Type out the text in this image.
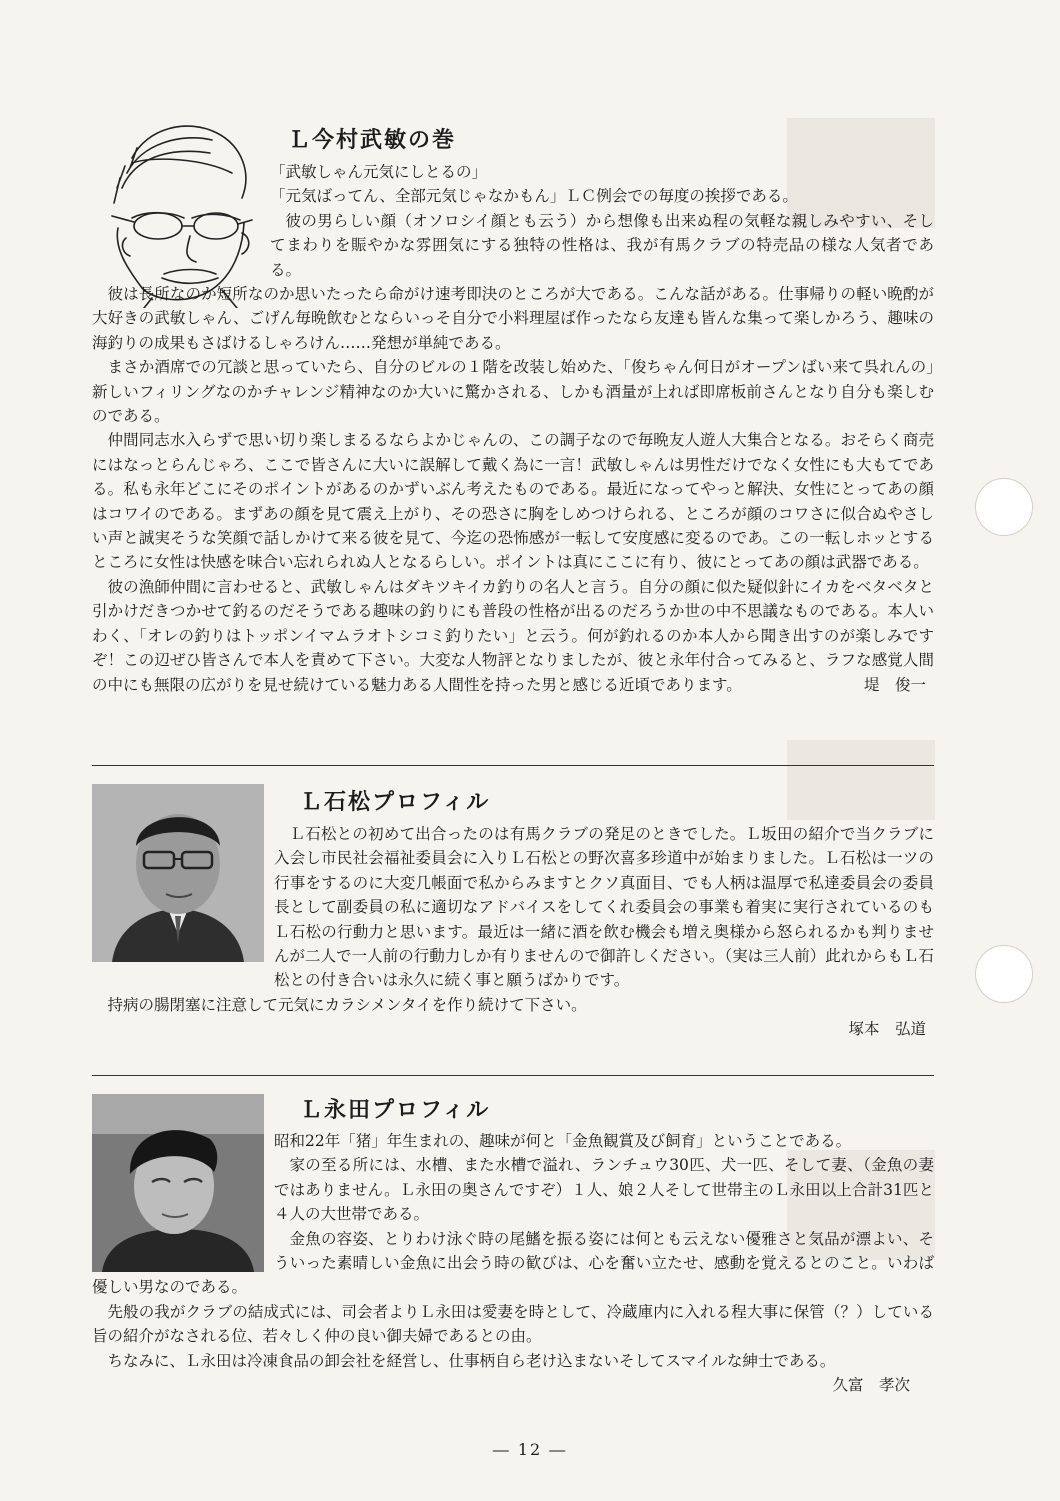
Ｌ今村武敏の巻

「武敏しゃん元気にしとるの」

「元気ばってん、全部元気じゃなかもん」ＬＣ例会での毎度の挨拶である。

彼の男らしい顔（オソロシイ顔とも云う）から想像も出来ぬ程の気軽な親しみやすい、そしてまわりを賑やかな雰囲気にする独特の性格は、我が有馬クラブの特売品の様な人気者である。

彼は長所なのか短所なのか思いたったら命がけ速考即決のところが大である。こんな話がある。仕事帰りの軽い晩酌が大好きの武敏しゃん、ごげん毎晩飲むとならいっそ自分で小料理屋ば作ったなら友達も皆んな集って楽しかろう、趣味の海釣りの成果もさばけるしゃろけん……発想が単純である。

まさか酒席での冗談と思っていたら、自分のビルの１階を改装し始めた、「俊ちゃん何日がオープンばい来て呉れんの」新しいフィリングなのかチャレンジ精神なのか大いに驚かされる、しかも酒量が上れば即席板前さんとなり自分も楽しむのである。

仲間同志水入らずで思い切り楽しまるるならよかじゃんの、この調子なので毎晩友人遊人大集合となる。おそらく商売にはなっとらんじゃろ、ここで皆さんに大いに誤解して戴く為に一言！武敏しゃんは男性だけでなく女性にも大もてである。私も永年どこにそのポイントがあるのかずいぶん考えたものである。最近になってやっと解決、女性にとってあの顔はコワイのである。まずあの顔を見て震え上がり、その恐さに胸をしめつけられる、ところが顔のコワさに似合ぬやさしい声と誠実そうな笑顔で話しかけて来る彼を見て、今迄の恐怖感が一転して安度感に変るのであ。この一転しホッとするところに女性は快感を味合い忘れられぬ人となるらしい。ポイントは真にここに有り、彼にとってあの顔は武器である。

彼の漁師仲間に言わせると、武敏しゃんはダキツキイカ釣りの名人と言う。自分の顔に似た疑似針にイカをベタベタと引かけだきつかせて釣るのだそうである趣味の釣りにも普段の性格が出るのだろうか世の中不思議なものである。本人いわく、「オレの釣りはトッポンイマムラオトシコミ釣りたい」と云う。何が釣れるのか本人から聞き出すのが楽しみですぞ！この辺ぜひ皆さんで本人を責めて下さい。大変な人物評となりましたが、彼と永年付合ってみると、ラフな感覚人間の中にも無限の広がりを見せ続けている魅力ある人間性を持った男と感じる近頃であります。	堤　俊一

Ｌ石松プロフィル

Ｌ石松との初めて出合ったのは有馬クラブの発足のときでした。Ｌ坂田の紹介で当クラブに入会し市民社会福祉委員会に入りＬ石松との野次喜多珍道中が始まりました。Ｌ石松は一ツの行事をするのに大変几帳面で私からみますとクソ真面目、でも人柄は温厚で私達委員会の委員長として副委員の私に適切なアドバイスをしてくれ委員会の事業も着実に実行されているのもＬ石松の行動力と思います。最近は一緒に酒を飲む機会も増え奥様から怒られるかも判りませんが二人で一人前の行動力しか有りませんので御許しください。（実は三人前）此れからもＬ石松との付き合いは永久に続く事と願うばかりです。

持病の腸閉塞に注意して元気にカラシメンタイを作り続けて下さい。

塚本　弘道

Ｌ永田プロフィル

昭和22年「猪」年生まれの、趣味が何と「金魚観賞及び飼育」ということである。

家の至る所には、水槽、また水槽で溢れ、ランチュウ30匹、犬一匹、そして妻、（金魚の妻ではありません。Ｌ永田の奥さんですぞ）１人、娘２人そして世帯主のＬ永田以上合計31匹と４人の大世帯である。

金魚の容姿、とりわけ泳ぐ時の尾鰭を振る姿には何とも云えない優雅さと気品が漂よい、そういった素晴しい金魚に出会う時の歓びは、心を奮い立たせ、感動を覚えるとのこと。いわば優しい男なのである。

先般の我がクラブの結成式には、司会者よりＬ永田は愛妻を時として、冷蔵庫内に入れる程大事に保管（？）している旨の紹介がなされる位、若々しく仲の良い御夫婦であるとの由。

ちなみに、Ｌ永田は冷凍食品の卸会社を経営し、仕事柄自ら老け込まないそしてスマイルな紳士である。

久富　孝次

― 12 ―
